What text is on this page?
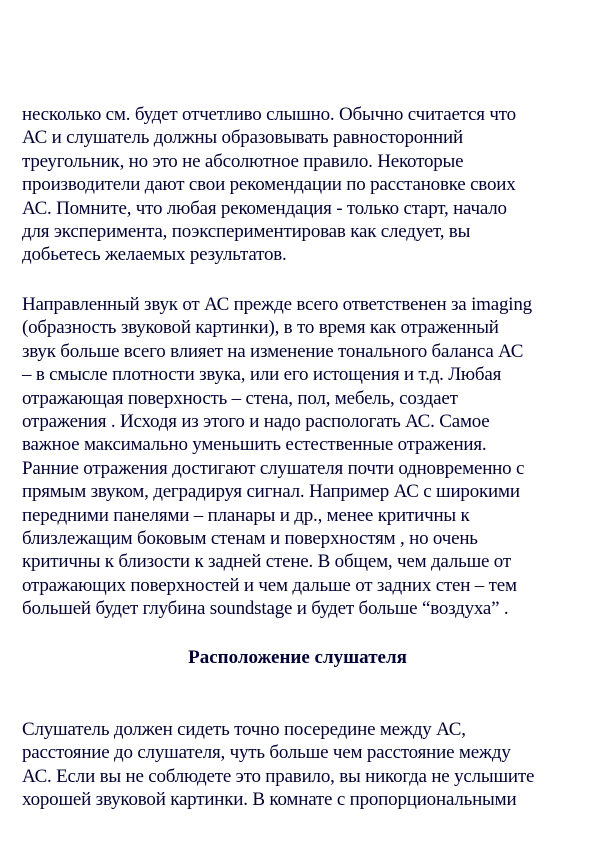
несколько см. будет отчетливо слышно. Обычно считается что
АС и слушатель должны образовывать равносторонний
треугольник, но это не абсолютное правило. Некоторые
производители дают свои рекомендации по расстановке своих
АС. Помните, что любая рекомендация - только старт, начало
для эксперимента, поэкспериментировав как следует, вы
добьетесь желаемых результатов.
Направленный звук от АС прежде всего ответственен за imaging
(образность звуковой картинки), в то время как отраженный
звук больше всего влияет на изменение тонального баланса АС
– в смысле плотности звука, или его истощения и т.д. Любая
отражающая поверхность – стена, пол, мебель, создает
отражения . Исходя из этого и надо распологать АС. Самое
важное максимально уменьшить естественные отражения.
Ранние отражения достигают слушателя почти одновременно с
прямым звуком, деградируя сигнал. Например АС с широкими
передними панелями – планары и др., менее критичны к
близлежащим боковым стенам и поверхностям , но очень
критичны к близости к задней стене. В общем, чем дальше от
отражающих поверхностей и чем дальше от задних стен – тем
большей будет глубина soundstage и будет больше “воздуха” .
Расположение слушателя
Слушатель должен сидеть точно посередине между АС,
расстояние до слушателя, чуть больше чем расстояние между
АС. Если вы не соблюдете это правило, вы никогда не услышите
хорошей звуковой картинки. В комнате с пропорциональными
